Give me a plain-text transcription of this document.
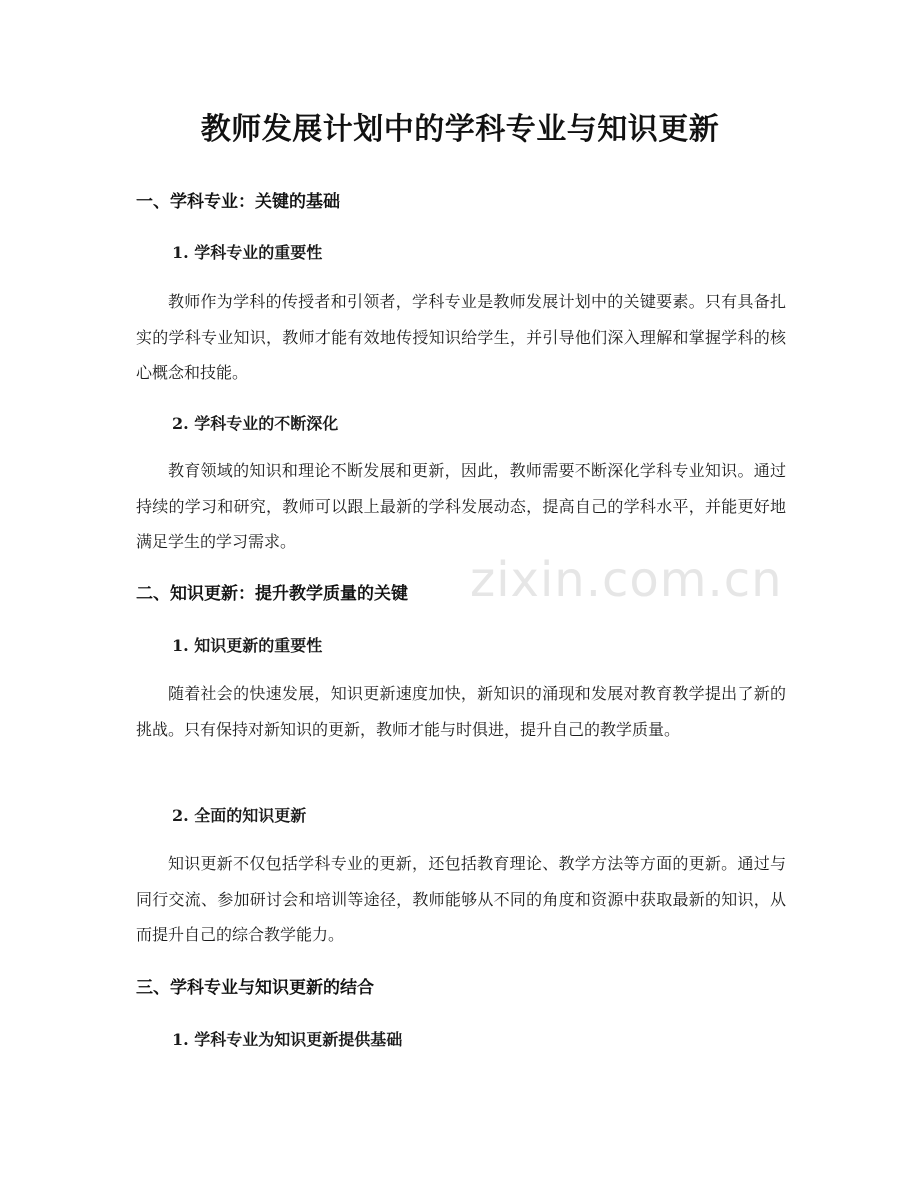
教师发展计划中的学科专业与知识更新
一、学科专业：关键的基础
1. 学科专业的重要性

教师作为学科的传授者和引领者，学科专业是教师发展计划中的关键要素。只有具备扎实的学科专业知识，教师才能有效地传授知识给学生，并引导他们深入理解和掌握学科的核心概念和技能。

2. 学科专业的不断深化

教育领域的知识和理论不断发展和更新，因此，教师需要不断深化学科专业知识。通过持续的学习和研究，教师可以跟上最新的学科发展动态，提高自己的学科水平，并能更好地满足学生的学习需求。

二、知识更新：提升教学质量的关键
1. 知识更新的重要性

随着社会的快速发展，知识更新速度加快，新知识的涌现和发展对教育教学提出了新的挑战。只有保持对新知识的更新，教师才能与时俱进，提升自己的教学质量。

2. 全面的知识更新

知识更新不仅包括学科专业的更新，还包括教育理论、教学方法等方面的更新。通过与同行交流、参加研讨会和培训等途径，教师能够从不同的角度和资源中获取最新的知识，从而提升自己的综合教学能力。

三、学科专业与知识更新的结合
1. 学科专业为知识更新提供基础
zixin.com.cn
